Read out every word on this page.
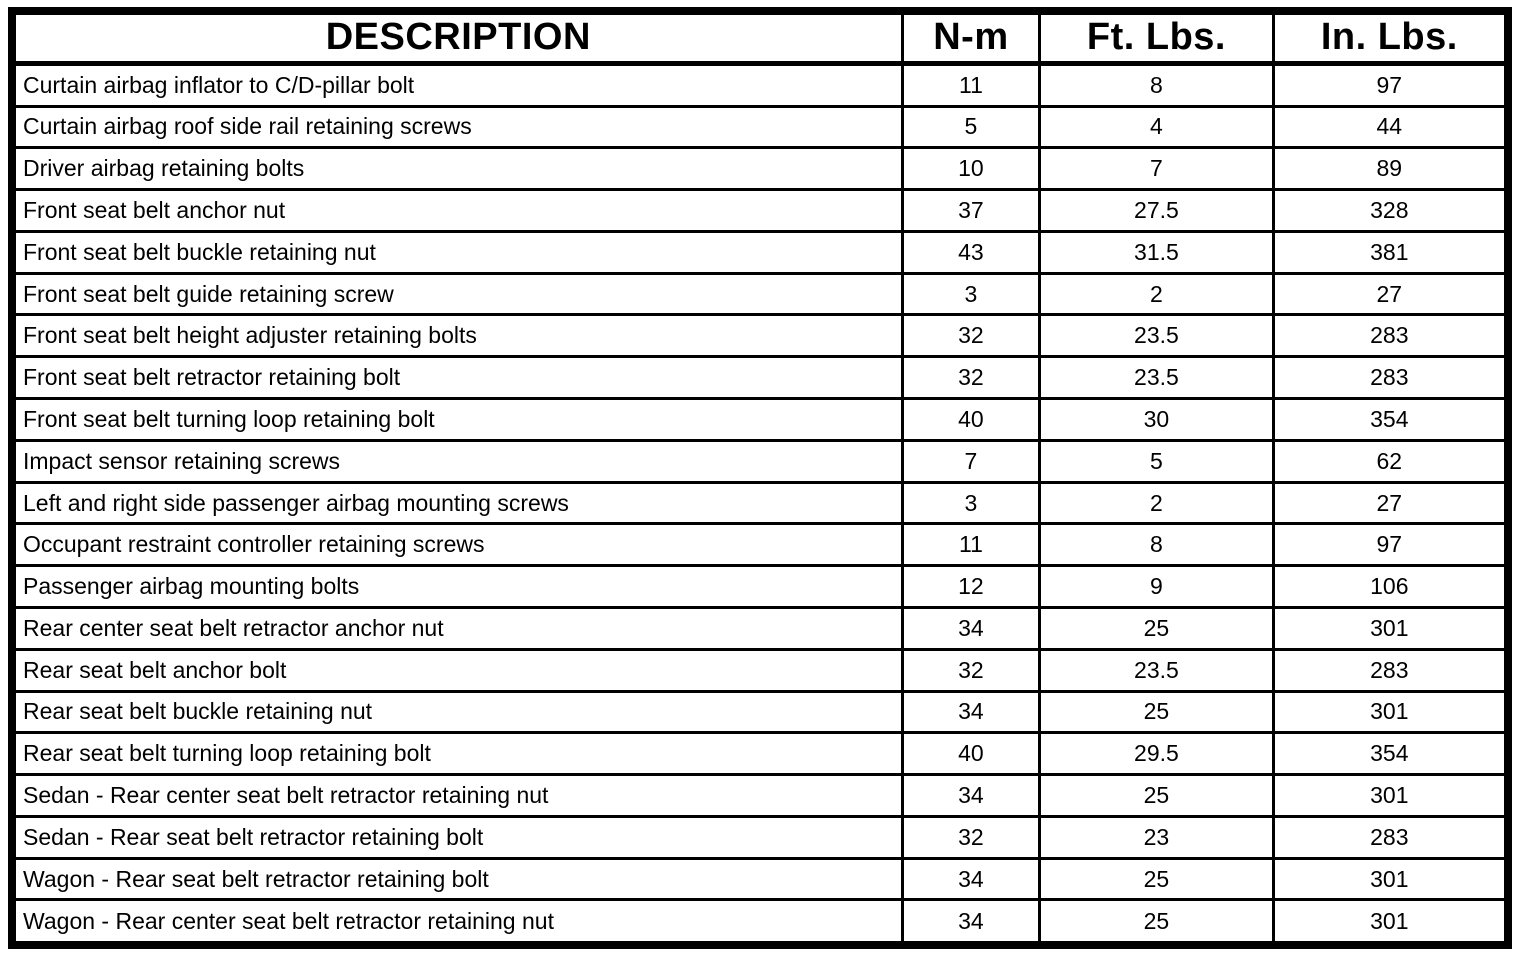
DESCRIPTION	N-m	Ft. Lbs.	In. Lbs.
Curtain airbag inflator to C/D-pillar bolt	11	8	97
Curtain airbag roof side rail retaining screws	5	4	44
Driver airbag retaining bolts	10	7	89
Front seat belt anchor nut	37	27.5	328
Front seat belt buckle retaining nut	43	31.5	381
Front seat belt guide retaining screw	3	2	27
Front seat belt height adjuster retaining bolts	32	23.5	283
Front seat belt retractor retaining bolt	32	23.5	283
Front seat belt turning loop retaining bolt	40	30	354
Impact sensor retaining screws	7	5	62
Left and right side passenger airbag mounting screws	3	2	27
Occupant restraint controller retaining screws	11	8	97
Passenger airbag mounting bolts	12	9	106
Rear center seat belt retractor anchor nut	34	25	301
Rear seat belt anchor bolt	32	23.5	283
Rear seat belt buckle retaining nut	34	25	301
Rear seat belt turning loop retaining bolt	40	29.5	354
Sedan - Rear center seat belt retractor retaining nut	34	25	301
Sedan - Rear seat belt retractor retaining bolt	32	23	283
Wagon - Rear seat belt retractor retaining bolt	34	25	301
Wagon - Rear center seat belt retractor retaining nut	34	25	301
